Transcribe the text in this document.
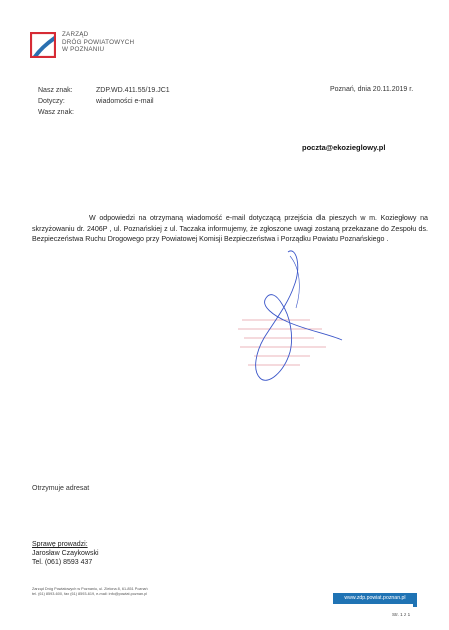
ZARZĄD
DRÓG POWIATOWYCH
W POZNANIU
Nasz znak:	ZDP.WD.411.55/19.JC1
Dotyczy:	wiadomości e-mail
Wasz znak:
Poznań, dnia 20.11.2019 r.
poczta@ekozieglowy.pl
W odpowiedzi na otrzymaną wiadomość e-mail dotyczącą przejścia dla pieszych w m. Koziegłowy na skrzyżowaniu dr. 2406P , ul. Poznańskiej z ul. Taczaka informujemy, że zgłoszone uwagi zostaną przekazane do Zespołu ds. Bezpieczeństwa Ruchu Drogowego przy Powiatowej Komisji Bezpieczeństwa i Porządku Powiatu Poznańskiego .
Otrzymuje adresat
Sprawę prowadzi:
Jarosław Czaykowski
Tel. (061) 8593 437
Zarząd Dróg Powiatowych w Poznaniu, ul. Zielona 8, 61-851 Poznań
tel. (61) 8593-600, fax (61) 8593-619, e-mail: info@powiat.poznan.pl
www.zdp.powiat.poznan.pl
Str. 1 z 1
